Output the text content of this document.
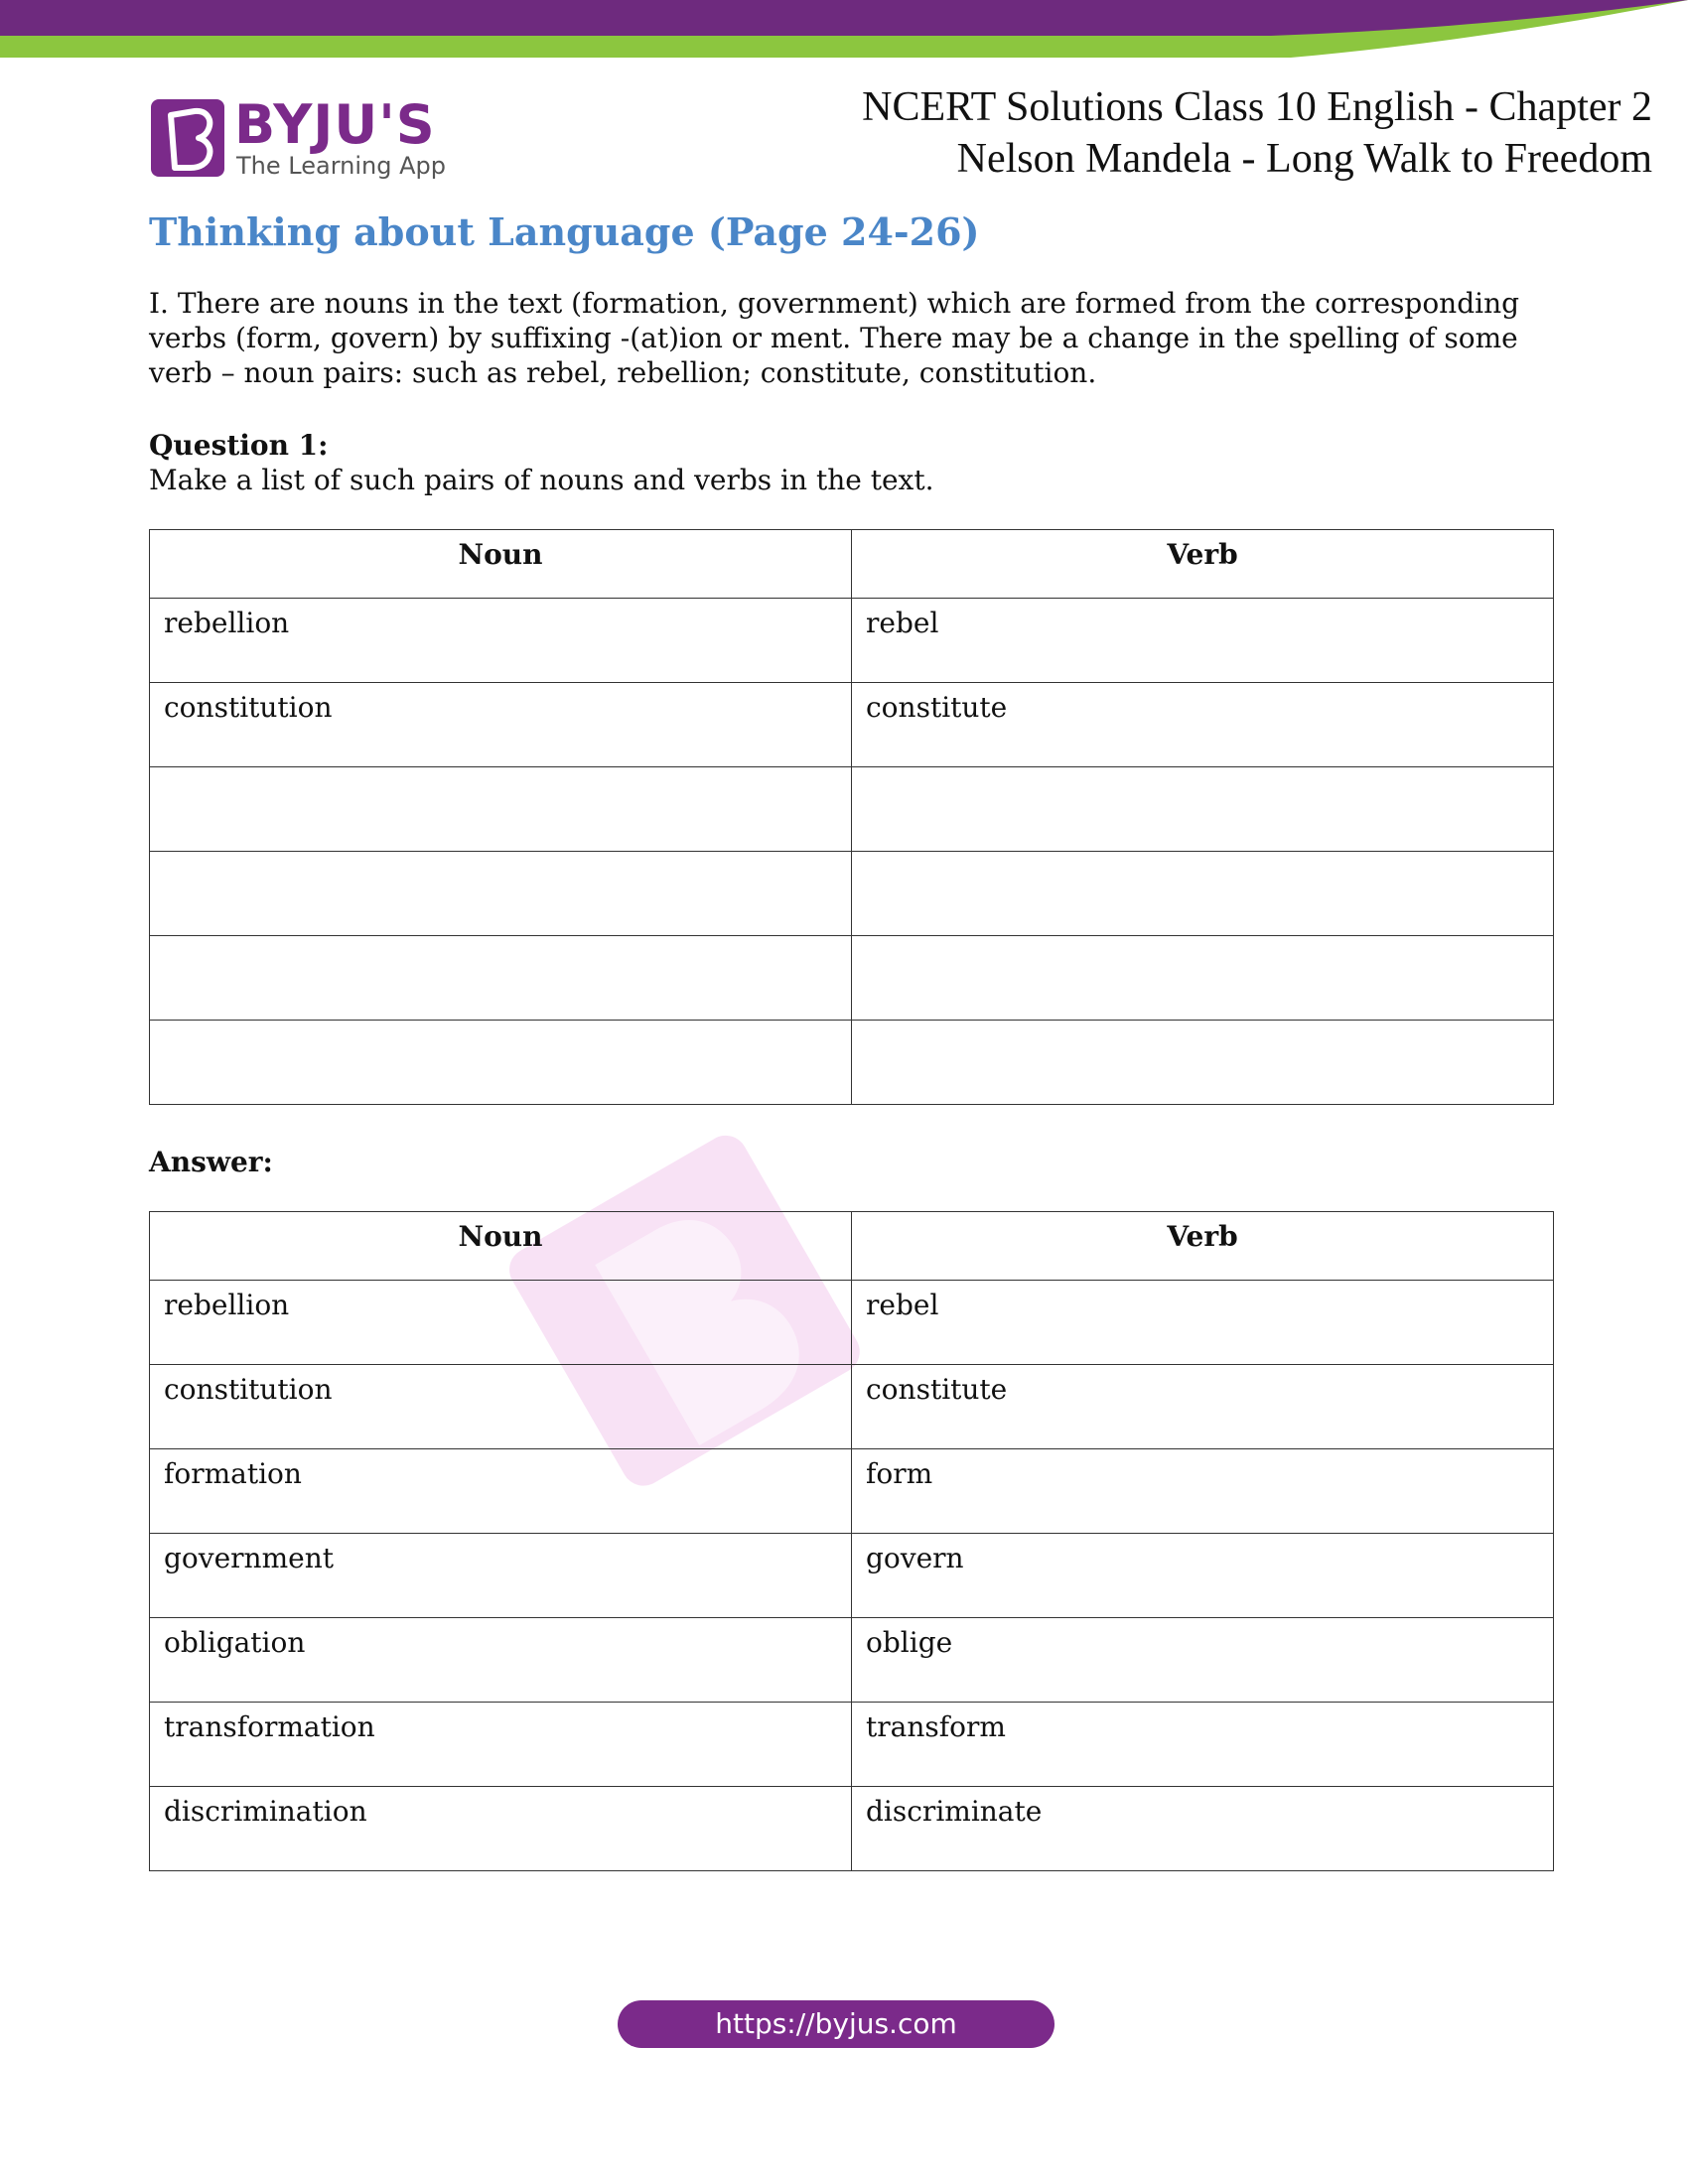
BYJU'S
The Learning App
NCERT Solutions Class 10 English - Chapter 2
Nelson Mandela - Long Walk to Freedom
Thinking about Language (Page 24-26)

I. There are nouns in the text (formation, government) which are formed from the corresponding verbs (form, govern) by suffixing -(at)ion or ment. There may be a change in the spelling of some verb – noun pairs: such as rebel, rebellion; constitute, constitution.

Question 1:

Make a list of such pairs of nouns and verbs in the text.

Noun	Verb
rebellion	rebel
constitution	constitute

Answer:

Noun	Verb
rebellion	rebel
constitution	constitute
formation	form
government	govern
obligation	oblige
transformation	transform
discrimination	discriminate
https://byjus.com
